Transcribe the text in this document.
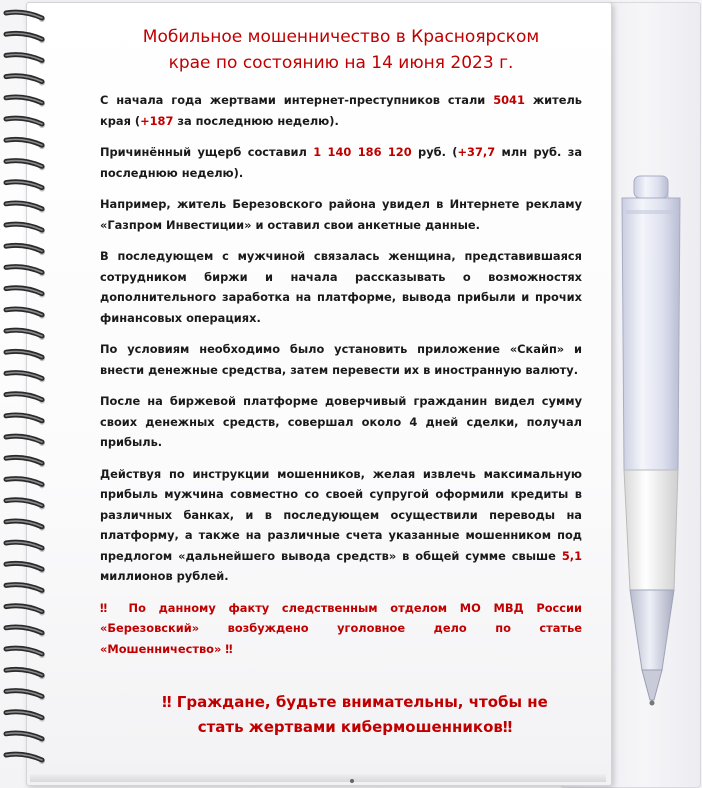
Мобильное мошенничество в Красноярском
крае по состоянию на 14 июня 2023 г.

С начала года жертвами интернет-преступников стали 5041 житель края (+187 за последнюю неделю).

Причинённый ущерб составил 1 140 186 120 руб. (+37,7 млн руб. за последнюю неделю).

Например, житель Березовского района увидел в Интернете рекламу «Газпром Инвестиции» и оставил свои анкетные данные.

В последующем с мужчиной связалась женщина, представившаяся сотрудником биржи и начала рассказывать о возможностях дополнительного заработка на платформе, вывода прибыли и прочих финансовых операциях.

По условиям необходимо было установить приложение «Скайп» и внести денежные средства, затем перевести их в иностранную валюту.

После на биржевой платформе доверчивый гражданин видел сумму своих денежных средств, совершал около 4 дней сделки, получал прибыль.

Действуя по инструкции мошенников, желая извлечь максимальную прибыль мужчина совместно со своей супругой оформили кредиты в различных банках, и в последующем осуществили переводы на платформу, а также на различные счета указанные мошенником под предлогом «дальнейшего вывода средств» в общей сумме свыше 5,1 миллионов рублей.

‼ По данному факту следственным отделом МО МВД России «Березовский» возбуждено уголовное дело по статье «Мошенничество» ‼

‼ Граждане, будьте внимательны, чтобы не
стать жертвами кибермошенников‼
